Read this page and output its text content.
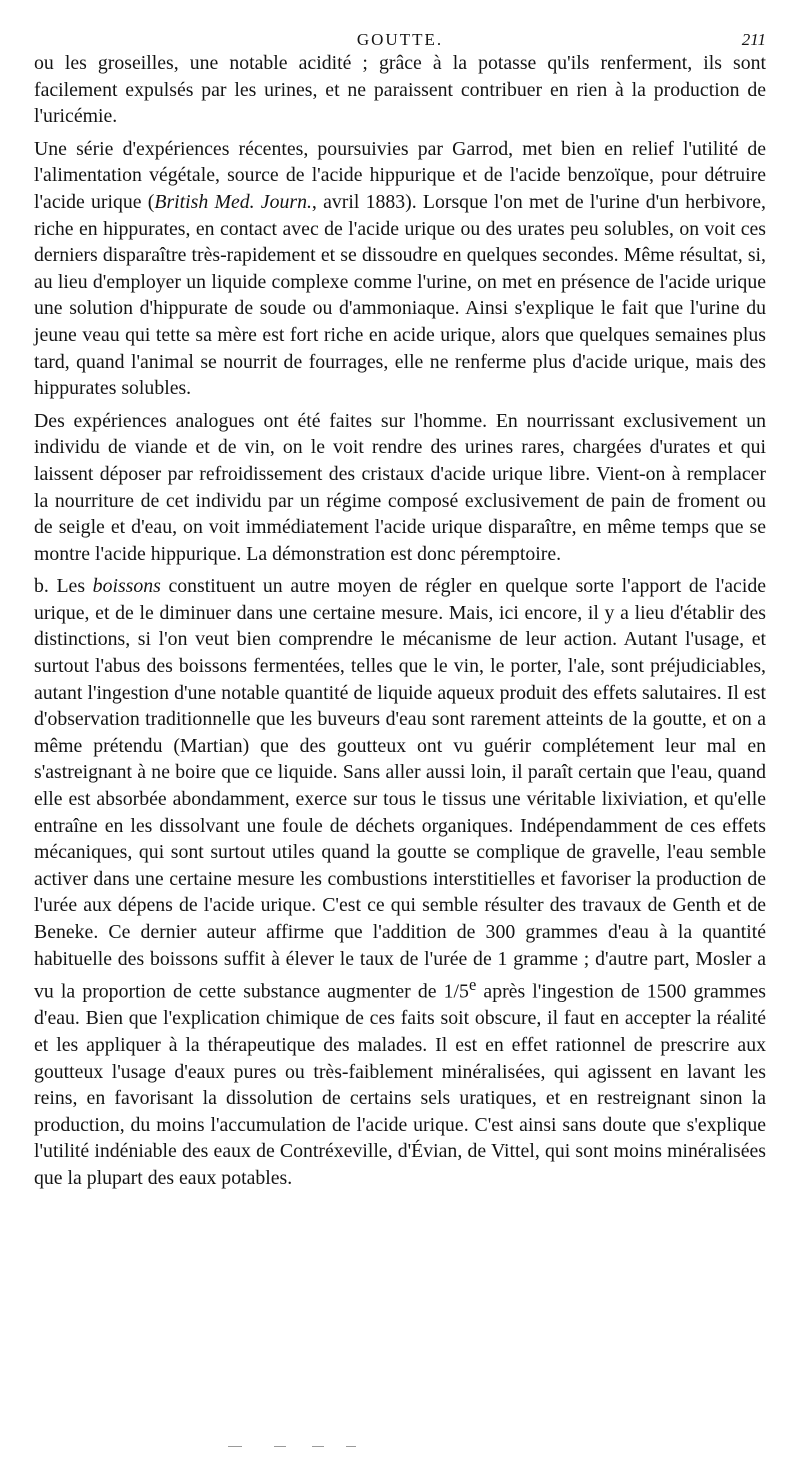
GOUTTE.	211

ou les groseilles, une notable acidité ; grâce à la potasse qu'ils renferment, ils sont facilement expulsés par les urines, et ne paraissent contribuer en rien à la production de l'uricémie.

Une série d'expériences récentes, poursuivies par Garrod, met bien en relief l'utilité de l'alimentation végétale, source de l'acide hippurique et de l'acide benzoïque, pour détruire l'acide urique (British Med. Journ., avril 1883). Lorsque l'on met de l'urine d'un herbivore, riche en hippurates, en contact avec de l'acide urique ou des urates peu solubles, on voit ces derniers disparaître très-rapidement et se dissoudre en quelques secondes. Même résultat, si, au lieu d'employer un liquide complexe comme l'urine, on met en présence de l'acide urique une solution d'hippurate de soude ou d'ammoniaque. Ainsi s'explique le fait que l'urine du jeune veau qui tette sa mère est fort riche en acide urique, alors que quelques semaines plus tard, quand l'animal se nourrit de fourrages, elle ne renferme plus d'acide urique, mais des hippurates solubles.

Des expériences analogues ont été faites sur l'homme. En nourrissant exclusivement un individu de viande et de vin, on le voit rendre des urines rares, chargées d'urates et qui laissent déposer par refroidissement des cristaux d'acide urique libre. Vient-on à remplacer la nourriture de cet individu par un régime composé exclusivement de pain de froment ou de seigle et d'eau, on voit immédiatement l'acide urique disparaître, en même temps que se montre l'acide hippurique. La démonstration est donc péremptoire.

b. Les boissons constituent un autre moyen de régler en quelque sorte l'apport de l'acide urique, et de le diminuer dans une certaine mesure. Mais, ici encore, il y a lieu d'établir des distinctions, si l'on veut bien comprendre le mécanisme de leur action. Autant l'usage, et surtout l'abus des boissons fermentées, telles que le vin, le porter, l'ale, sont préjudiciables, autant l'ingestion d'une notable quantité de liquide aqueux produit des effets salutaires. Il est d'observation traditionnelle que les buveurs d'eau sont rarement atteints de la goutte, et on a même prétendu (Martian) que des goutteux ont vu guérir complétement leur mal en s'astreignant à ne boire que ce liquide. Sans aller aussi loin, il paraît certain que l'eau, quand elle est absorbée abondamment, exerce sur tous le tissus une véritable lixiviation, et qu'elle entraîne en les dissolvant une foule de déchets organiques. Indépendamment de ces effets mécaniques, qui sont surtout utiles quand la goutte se complique de gravelle, l'eau semble activer dans une certaine mesure les combustions interstitielles et favoriser la production de l'urée aux dépens de l'acide urique. C'est ce qui semble résulter des travaux de Genth et de Beneke. Ce dernier auteur affirme que l'addition de 300 grammes d'eau à la quantité habituelle des boissons suffit à élever le taux de l'urée de 1 gramme ; d'autre part, Mosler a vu la proportion de cette substance augmenter de 1/5e après l'ingestion de 1500 grammes d'eau. Bien que l'explication chimique de ces faits soit obscure, il faut en accepter la réalité et les appliquer à la thérapeutique des malades. Il est en effet rationnel de prescrire aux goutteux l'usage d'eaux pures ou très-faiblement minéralisées, qui agissent en lavant les reins, en favorisant la dissolution de certains sels uratiques, et en restreignant sinon la production, du moins l'accumulation de l'acide urique. C'est ainsi sans doute que s'explique l'utilité indéniable des eaux de Contréxeville, d'Évian, de Vittel, qui sont moins minéralisées que la plupart des eaux potables.
